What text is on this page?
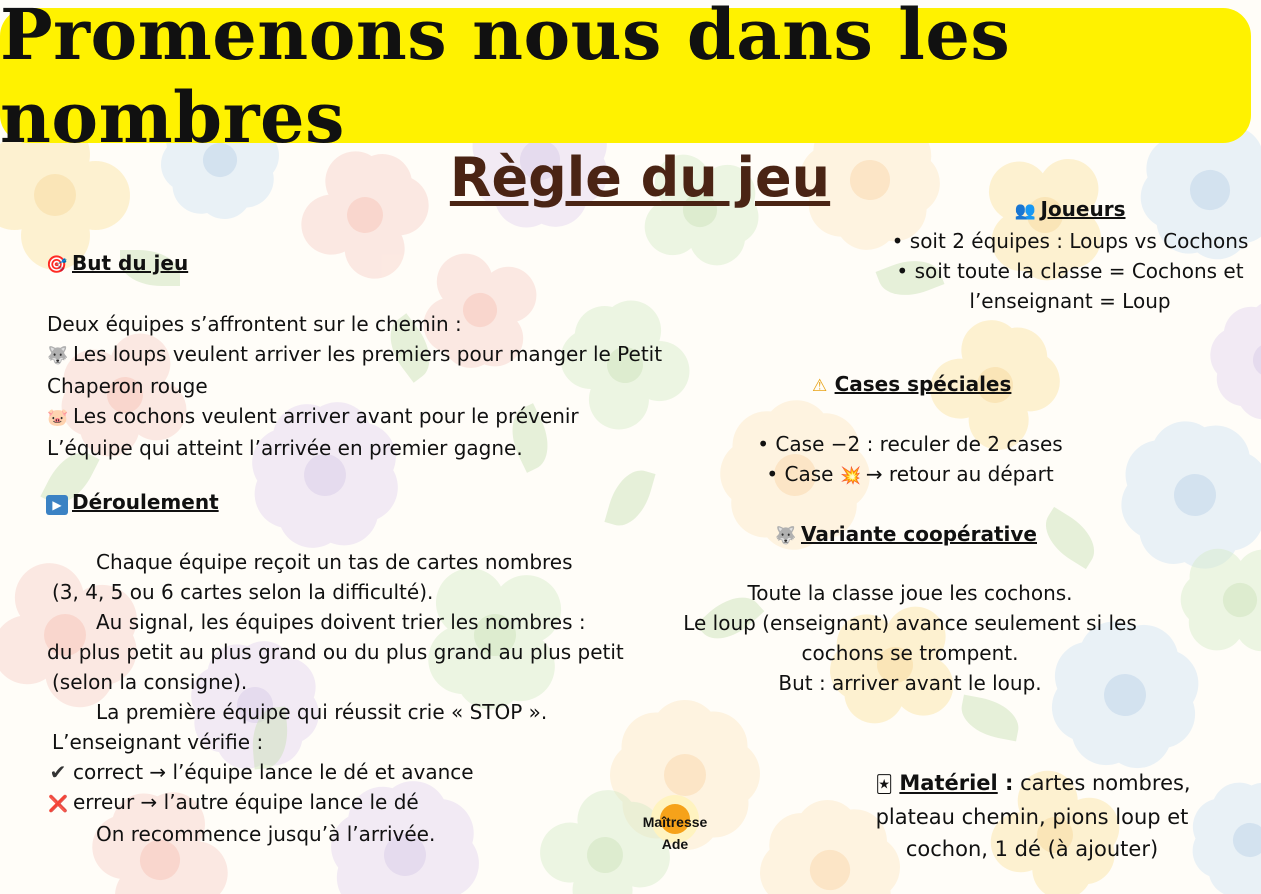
Promenons nous dans les nombres
Règle du jeu

🎯 But du jeu

Deux équipes s’affrontent sur le chemin :

🐺 Les loups veulent arriver les premiers pour manger le Petit

Chaperon rouge

🐷 Les cochons veulent arriver avant pour le prévenir

L’équipe qui atteint l’arrivée en premier gagne.

▶ Déroulement

Chaque équipe reçoit un tas de cartes nombres

(3, 4, 5 ou 6 cartes selon la difficulté).

Au signal, les équipes doivent trier les nombres :

du plus petit au plus grand ou du plus grand au plus petit

(selon la consigne).

La première équipe qui réussit crie « STOP ».

L’enseignant vérifie :

✔ correct → l’équipe lance le dé et avance

❌ erreur → l’autre équipe lance le dé

On recommence jusqu’à l’arrivée.

👥 Joueurs

• soit 2 équipes : Loups vs Cochons

• soit toute la classe = Cochons et

l’enseignant = Loup

⚠ Cases spéciales

• Case −2 : reculer de 2 cases

• Case 💥 → retour au départ

🐺 Variante coopérative

Toute la classe joue les cochons.

Le loup (enseignant) avance seulement si les

cochons se trompent.

But : arriver avant le loup.

🃏 Matériel : cartes nombres,

plateau chemin, pions loup et

cochon, 1 dé (à ajouter)

Maîtresse
Ade
